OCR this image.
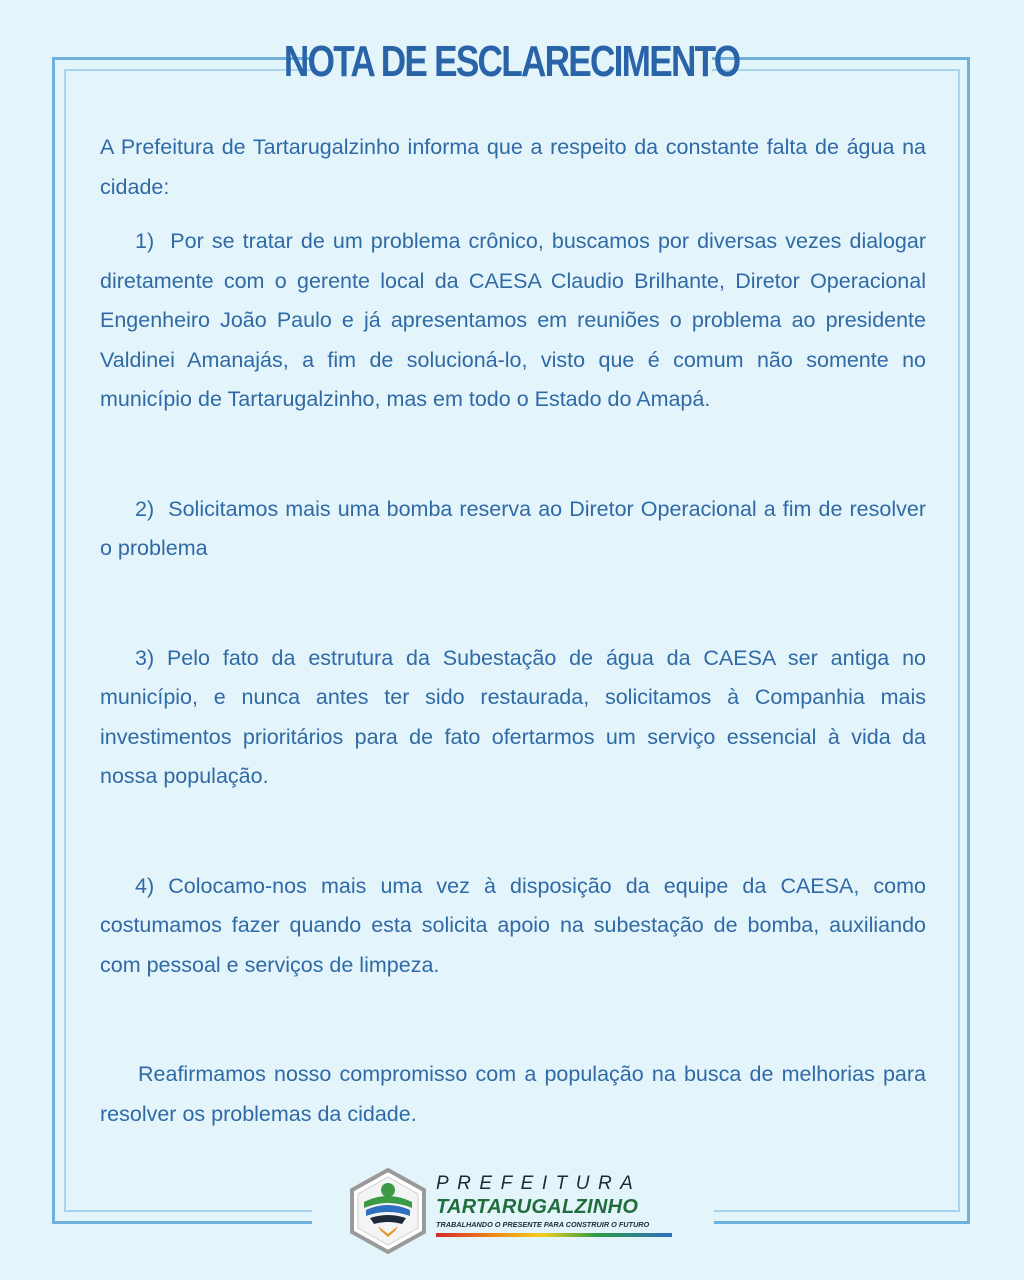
NOTA DE ESCLARECIMENTO

A Prefeitura de Tartarugalzinho informa que a respeito da constante falta de água na cidade:

1)  Por se tratar de um problema crônico, buscamos por diversas vezes dialogar diretamente com o gerente local da CAESA Claudio Brilhante, Diretor Operacional Engenheiro João Paulo e já apresentamos em reuniões o problema ao presidente Valdinei Amanajás, a fim de solucioná-lo, visto que é comum não somente no município de Tartarugalzinho, mas em todo o Estado do Amapá.

2)  Solicitamos mais uma bomba reserva ao Diretor Operacional a fim de resolver o problema

3) Pelo fato da estrutura da Subestação de água da CAESA ser antiga no município, e nunca antes ter sido restaurada, solicitamos à Companhia mais investimentos prioritários para de fato ofertarmos um serviço essencial à vida da nossa população.

4) Colocamo-nos mais uma vez à disposição da equipe da CAESA, como costumamos fazer quando esta solicita apoio na subestação de bomba, auxiliando com pessoal e serviços de limpeza.

Reafirmamos nosso compromisso com a população na busca de melhorias para resolver os problemas da cidade.

PREFEITURA
TARTARUGALZINHO
TRABALHANDO O PRESENTE PARA CONSTRUIR O FUTURO
